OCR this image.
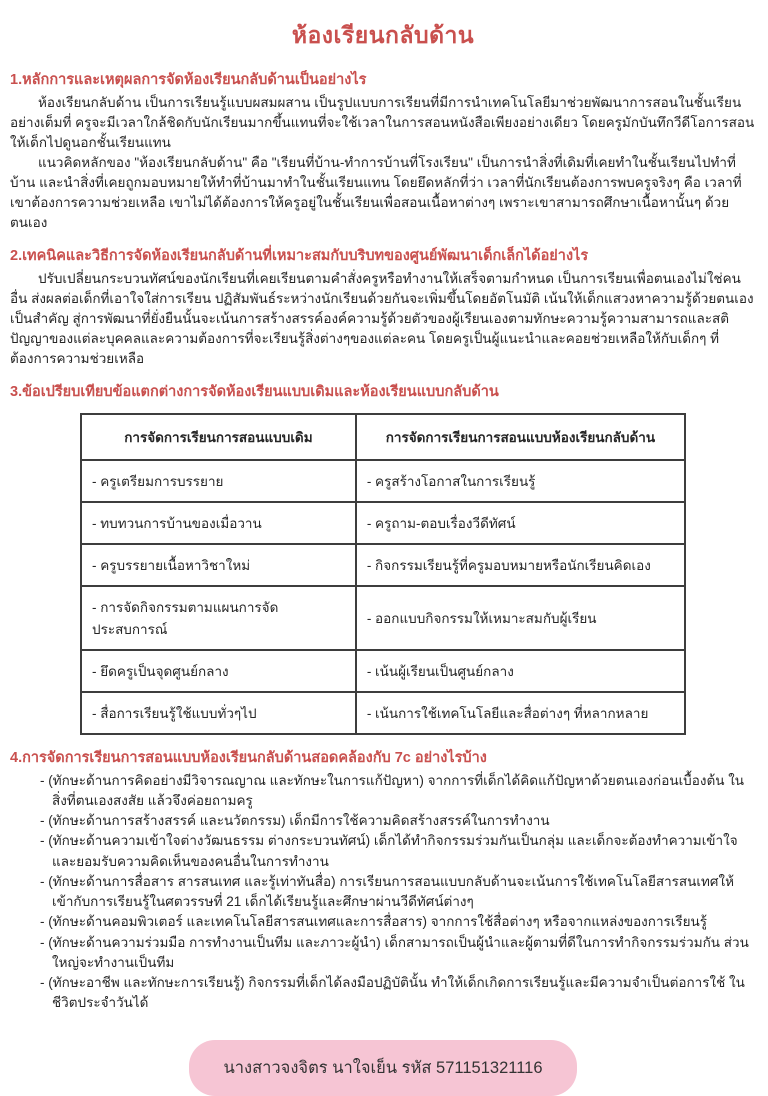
ห้องเรียนกลับด้าน
1.หลักการและเหตุผลการจัดห้องเรียนกลับด้านเป็นอย่างไร

ห้องเรียนกลับด้าน เป็นการเรียนรู้แบบผสมผสาน เป็นรูปแบบการเรียนที่มีการนำเทคโนโลยีมาช่วยพัฒนาการสอนในชั้นเรียนอย่างเต็มที่ ครูจะมีเวลาใกล้ชิดกับนักเรียนมากขึ้นแทนที่จะใช้เวลาในการสอนหนังสือเพียงอย่างเดียว โดยครูมักบันทึกวีดีโอการสอนให้เด็กไปดูนอกชั้นเรียนแทน

แนวคิดหลักของ "ห้องเรียนกลับด้าน" คือ "เรียนที่บ้าน-ทำการบ้านที่โรงเรียน" เป็นการนำสิ่งที่เดิมที่เคยทำในชั้นเรียนไปทำที่บ้าน และนำสิ่งที่เคยถูกมอบหมายให้ทำที่บ้านมาทำในชั้นเรียนแทน โดยยึดหลักที่ว่า เวลาที่นักเรียนต้องการพบครูจริงๆ คือ เวลาที่เขาต้องการความช่วยเหลือ เขาไม่ได้ต้องการให้ครูอยู่ในชั้นเรียนเพื่อสอนเนื้อหาต่างๆ เพราะเขาสามารถศึกษาเนื้อหานั้นๆ ด้วยตนเอง

2.เทคนิคและวิธีการจัดห้องเรียนกลับด้านที่เหมาะสมกับบริบทของศูนย์พัฒนาเด็กเล็กได้อย่างไร

ปรับเปลี่ยนกระบวนทัศน์ของนักเรียนที่เคยเรียนตามคำสั่งครูหรือทำงานให้เสร็จตามกำหนด เป็นการเรียนเพื่อตนเองไม่ใช่คนอื่น ส่งผลต่อเด็กที่เอาใจใส่การเรียน ปฏิสัมพันธ์ระหว่างนักเรียนด้วยกันจะเพิ่มขึ้นโดยอัตโนมัติ เน้นให้เด็กแสวงหาความรู้ด้วยตนเองเป็นสำคัญ สู่การพัฒนาที่ยั่งยืนนั้นจะเน้นการสร้างสรรค์องค์ความรู้ด้วยตัวของผู้เรียนเองตามทักษะความรู้ความสามารถและสติปัญญาของแต่ละบุคคลและความต้องการที่จะเรียนรู้สิ่งต่างๆของแต่ละคน โดยครูเป็นผู้แนะนำและคอยช่วยเหลือให้กับเด็กๆ ที่ต้องการความช่วยเหลือ

3.ข้อเปรียบเทียบข้อแตกต่างการจัดห้องเรียนแบบเดิมและห้องเรียนแบบกลับด้าน
การจัดการเรียนการสอนแบบเดิม	การจัดการเรียนการสอนแบบห้องเรียนกลับด้าน
- ครูเตรียมการบรรยาย	- ครูสร้างโอกาสในการเรียนรู้
- ทบทวนการบ้านของเมื่อวาน	- ครูถาม-ตอบเรื่องวีดีทัศน์
- ครูบรรยายเนื้อหาวิชาใหม่	- กิจกรรมเรียนรู้ที่ครูมอบหมายหรือนักเรียนคิดเอง
- การจัดกิจกรรมตามแผนการจัดประสบการณ์	- ออกแบบกิจกรรมให้เหมาะสมกับผู้เรียน
- ยึดครูเป็นจุดศูนย์กลาง	- เน้นผู้เรียนเป็นศูนย์กลาง
- สื่อการเรียนรู้ใช้แบบทั่วๆไป	- เน้นการใช้เทคโนโลยีและสื่อต่างๆ ที่หลากหลาย
4.การจัดการเรียนการสอนแบบห้องเรียนกลับด้านสอดคล้องกับ 7c อย่างไรบ้าง
- (ทักษะด้านการคิดอย่างมีวิจารณญาณ และทักษะในการแก้ปัญหา) จากการที่เด็กได้คิดแก้ปัญหาด้วยตนเองก่อนเบื้องต้น ในสิ่งที่ตนเองสงสัย แล้วจึงค่อยถามครู
- (ทักษะด้านการสร้างสรรค์ และนวัตกรรม) เด็กมีการใช้ความคิดสร้างสรรค์ในการทำงาน
- (ทักษะด้านความเข้าใจต่างวัฒนธรรม ต่างกระบวนทัศน์) เด็กได้ทำกิจกรรมร่วมกันเป็นกลุ่ม และเด็กจะต้องทำความเข้าใจ และยอมรับความคิดเห็นของคนอื่นในการทำงาน
- (ทักษะด้านการสื่อสาร สารสนเทศ และรู้เท่าทันสื่อ) การเรียนการสอนแบบกลับด้านจะเน้นการใช้เทคโนโลยีสารสนเทศให้เข้ากับการเรียนรู้ในศตวรรษที่ 21 เด็กได้เรียนรู้และศึกษาผ่านวีดีทัศน์ต่างๆ
- (ทักษะด้านคอมพิวเตอร์ และเทคโนโลยีสารสนเทศและการสื่อสาร) จากการใช้สื่อต่างๆ หรือจากแหล่งของการเรียนรู้
- (ทักษะด้านความร่วมมือ การทำงานเป็นทีม และภาวะผู้นำ) เด็กสามารถเป็นผู้นำและผู้ตามที่ดีในการทำกิจกรรมร่วมกัน ส่วนใหญ่จะทำงานเป็นทีม
- (ทักษะอาชีพ และทักษะการเรียนรู้) กิจกรรมที่เด็กได้ลงมือปฏิบัตินั้น ทำให้เด็กเกิดการเรียนรู้และมีความจำเป็นต่อการใช้ ในชีวิตประจำวันได้
นางสาวจงจิตร นาใจเย็น รหัส 571151321116
